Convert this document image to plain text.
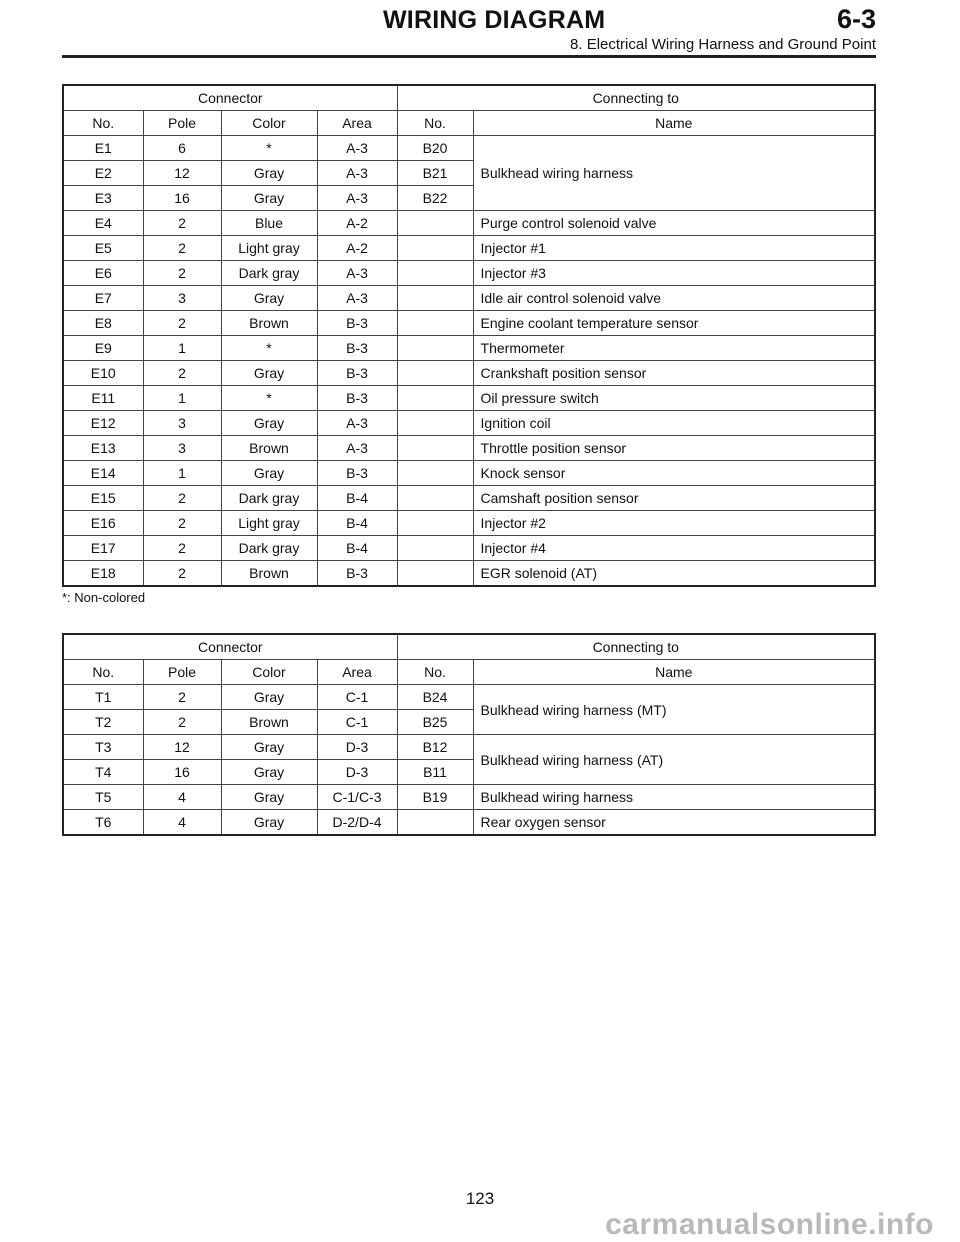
WIRING DIAGRAM	6-3
8. Electrical Wiring Harness and Ground Point
Connector				Connecting to	
No.	Pole	Color	Area	No.	Name
E1	6	*	A-3	B20	Bulkhead wiring harness
E2	12	Gray	A-3	B21	
E3	16	Gray	A-3	B22	
E4	2	Blue	A-2		Purge control solenoid valve
E5	2	Light gray	A-2		Injector #1
E6	2	Dark gray	A-3		Injector #3
E7	3	Gray	A-3		Idle air control solenoid valve
E8	2	Brown	B-3		Engine coolant temperature sensor
E9	1	*	B-3		Thermometer
E10	2	Gray	B-3		Crankshaft position sensor
E11	1	*	B-3		Oil pressure switch
E12	3	Gray	A-3		Ignition coil
E13	3	Brown	A-3		Throttle position sensor
E14	1	Gray	B-3		Knock sensor
E15	2	Dark gray	B-4		Camshaft position sensor
E16	2	Light gray	B-4		Injector #2
E17	2	Dark gray	B-4		Injector #4
E18	2	Brown	B-3		EGR solenoid (AT)
*: Non-colored
Connector				Connecting to	
No.	Pole	Color	Area	No.	Name
T1	2	Gray	C-1	B24	Bulkhead wiring harness (MT)
T2	2	Brown	C-1	B25	
T3	12	Gray	D-3	B12	Bulkhead wiring harness (AT)
T4	16	Gray	D-3	B11	
T5	4	Gray	C-1/C-3	B19	Bulkhead wiring harness
T6	4	Gray	D-2/D-4		Rear oxygen sensor
123
carmanualsonline.info
